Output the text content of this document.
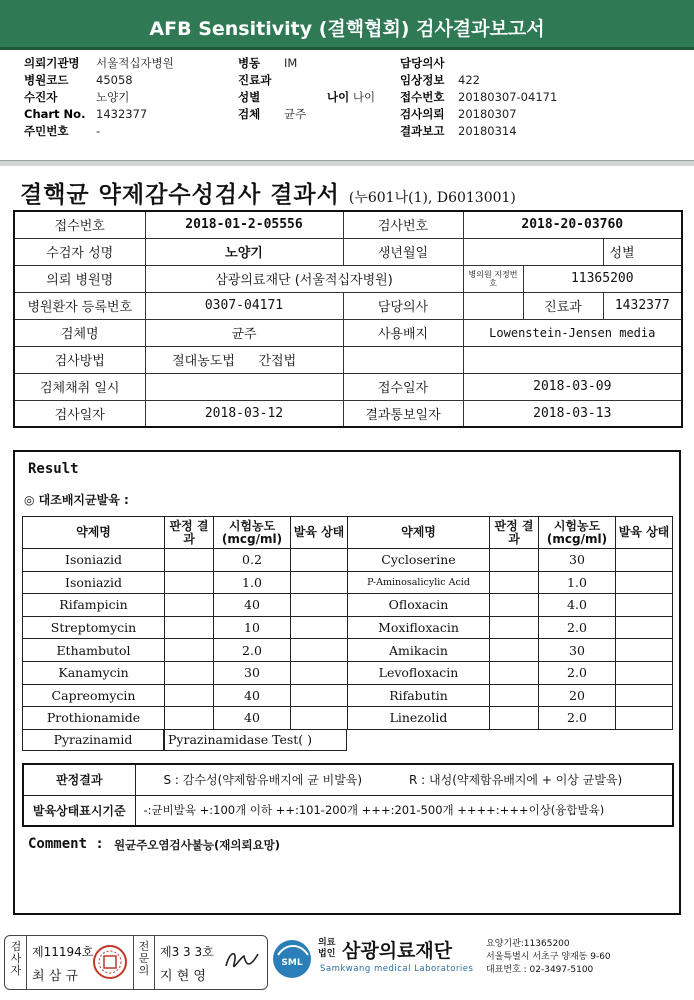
AFB Sensitivity (결핵협회) 검사결과보고서
의뢰기관명 서울적십자병원
병원코드 45058
수진자	노양기
Chart No. 1432377
주민번호 -
병동 IM
진료과
성별
검체 균주
나이 나이
담당의사
임상정보 422
접수번호 20180307-04171
검사의뢰 20180307
결과보고 20180314
결핵균 약제감수성검사 결과서 (누601나(1), D6013001)
접수번호	2018-01-2-05556	검사번호	2018-20-03760		
수검자 성명	노양기	생년월일			성별
의뢰 병원명	삼광의료재단 (서울적십자병원)		병의원 지정번호	11365200	
병원환자 등록번호	0307-04171	담당의사		진료과	1432377
검체명	균주	사용배지	Lowenstein-Jensen media		
검사방법	절대농도법 간접법				
검체채취 일시		접수일자	2018-03-09		
검사일자	2018-03-12	결과통보일자	2018-03-13		
Result
◎ 대조배지균발육 :
약제명	판정 결과	시험농도 (mcg/ml)	발육 상태	약제명	판정 결과	시험농도 (mcg/ml)	발육 상태
Isoniazid		0.2		Cycloserine		30	
Isoniazid		1.0		P-Aminosalicylic Acid		1.0	
Rifampicin		40		Ofloxacin		4.0	
Streptomycin		10		Moxifloxacin		2.0	
Ethambutol		2.0		Amikacin		30	
Kanamycin		30		Levofloxacin		2.0	
Capreomycin		40		Rifabutin		20	
Prothionamide		40		Linezolid		2.0	
Pyrazinamid	Pyrazinamidase Test( )
판정결과	S : 감수성(약제함유배지에 균 비발육)	R : 내성(약제함유배지에 + 이상 균발육)
발육상태표시기준	-:균비발육 +:100개 이하 ++:101-200개 +++:201-500개 ++++:+++이상(융합발육)	
Comment : 원균주오염검사불능(재의뢰요망)
검사자
제11194호
최 삼 규
전문의
제3 3 3호
지 현 영
SML
의료 법인 삼광의료재단
Samkwang medical Laboratories
요양기관:11365200
서울특별시 서초구 양재동 9-60
대표번호 : 02-3497-5100
